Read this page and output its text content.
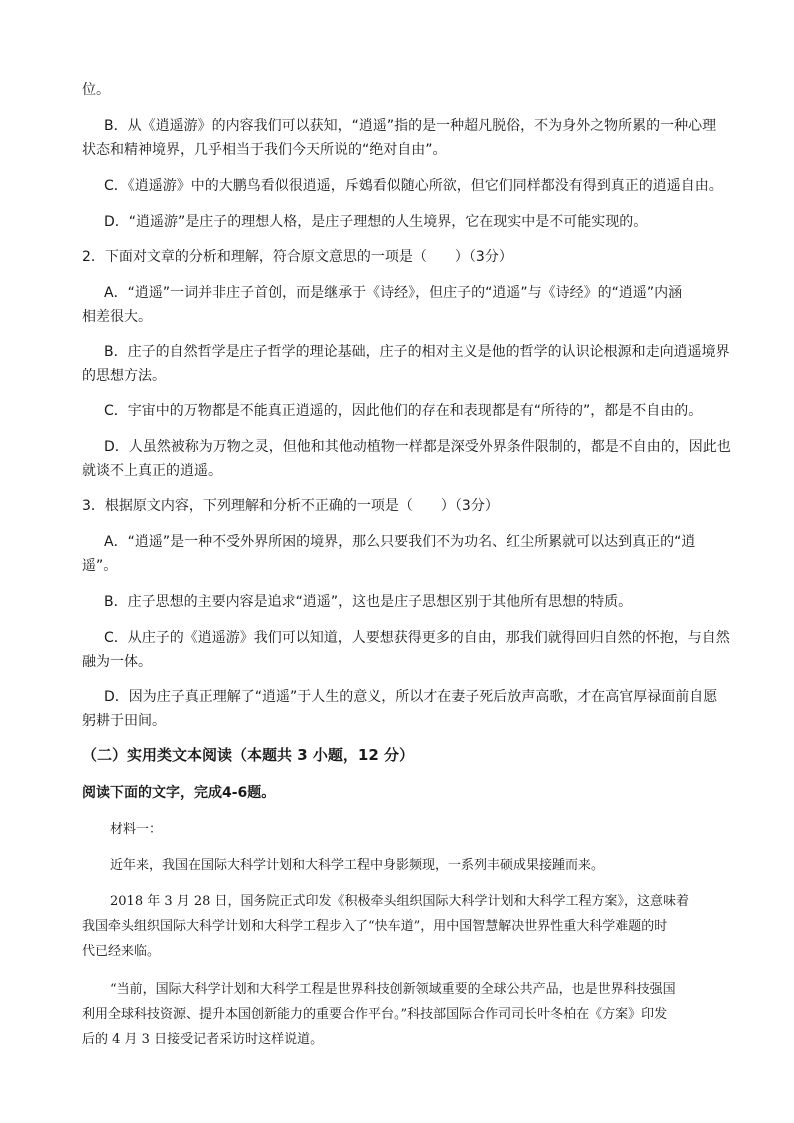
位。

B．从《逍遥游》的内容我们可以获知，“逍遥”指的是一种超凡脱俗，不为身外之物所累的一种心理

状态和精神境界，几乎相当于我们今天所说的“绝对自由”。

C．《逍遥游》中的大鹏鸟看似很逍遥，斥鴳看似随心所欲，但它们同样都没有得到真正的逍遥自由。

D．“逍遥游”是庄子的理想人格，是庄子理想的人生境界，它在现实中是不可能实现的。

2．下面对文章的分析和理解，符合原文意思的一项是（　　）（3分）

A．“逍遥”一词并非庄子首创，而是继承于《诗经》，但庄子的“逍遥”与《诗经》的“逍遥”内涵

相差很大。

B．庄子的自然哲学是庄子哲学的理论基础，庄子的相对主义是他的哲学的认识论根源和走向逍遥境界

的思想方法。

C．宇宙中的万物都是不能真正逍遥的，因此他们的存在和表现都是有“所待的”，都是不自由的。

D．人虽然被称为万物之灵，但他和其他动植物一样都是深受外界条件限制的，都是不自由的，因此也

就谈不上真正的逍遥。

3．根据原文内容，下列理解和分析不正确的一项是（　　）（3分）

A．“逍遥”是一种不受外界所困的境界，那么只要我们不为功名、红尘所累就可以达到真正的“逍

遥”。

B．庄子思想的主要内容是追求“逍遥”，这也是庄子思想区别于其他所有思想的特质。

C．从庄子的《逍遥游》我们可以知道，人要想获得更多的自由，那我们就得回归自然的怀抱，与自然

融为一体。

D．因为庄子真正理解了“逍遥”于人生的意义，所以才在妻子死后放声高歌，才在高官厚禄面前自愿

躬耕于田间。

（二）实用类文本阅读（本题共 3 小题，12 分）

阅读下面的文字，完成4-6题。

材料一：

近年来，我国在国际大科学计划和大科学工程中身影频现，一系列丰硕成果接踵而来。

2018 年 3 月 28 日，国务院正式印发《积极牵头组织国际大科学计划和大科学工程方案》，这意味着

我国牵头组织国际大科学计划和大科学工程步入了“快车道”，用中国智慧解决世界性重大科学难题的时

代已经来临。

“当前，国际大科学计划和大科学工程是世界科技创新领域重要的全球公共产品，也是世界科技强国

利用全球科技资源、提升本国创新能力的重要合作平台。”科技部国际合作司司长叶冬柏在《方案》印发

后的 4 月 3 日接受记者采访时这样说道。
